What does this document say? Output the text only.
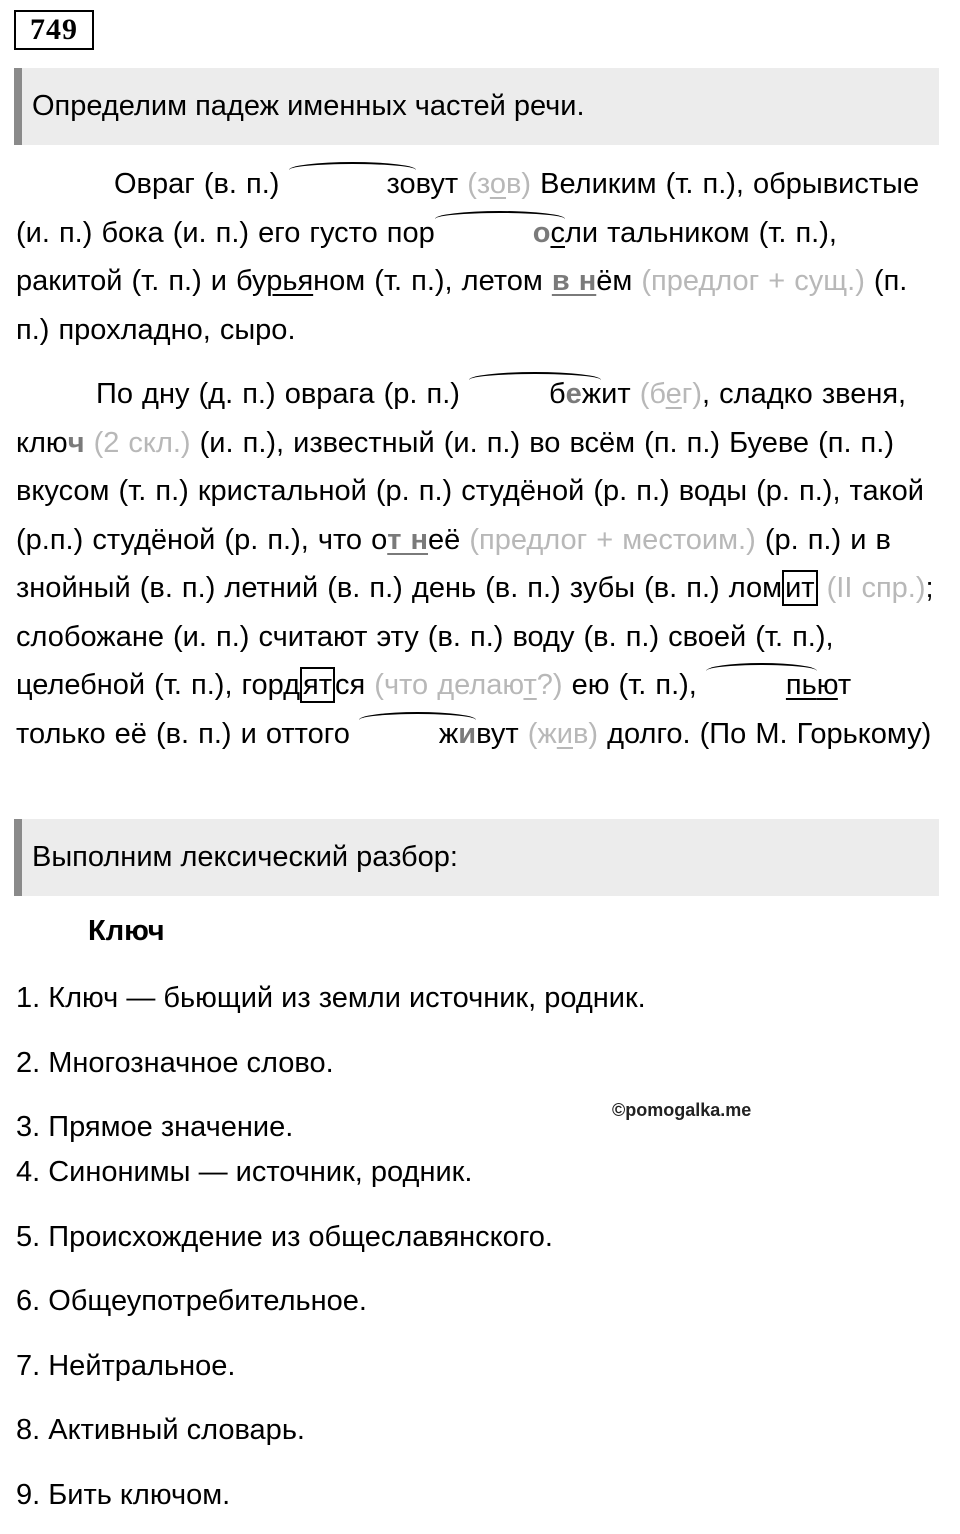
749
Определим падеж именных частей речи.

Овраг (в. п.)	зовут (зов) Великим (т. п.), обрывистые (и. п.) бока (и. п.) его густо пор	осли тальником (т. п.), ракитой (т. п.) и бурьяном (т. п.), летом в нём (предлог + сущ.) (п. п.) прохладно, сыро.

По дну (д. п.) оврага (р. п.)	бежит (бег), сладко звеня, ключ (2 скл.) (и. п.), известный (и. п.) во всём (п. п.) Буеве (п. п.) вкусом (т. п.) кристальной (р. п.) студёной (р. п.) воды (р. п.), такой (р.п.) студёной (р. п.), что от неё (предлог + местоим.) (р. п.) и в знойный (в. п.) летний (в. п.) день (в. п.) зубы (в. п.) лом ит (II спр.); слобожане (и. п.) считают эту (в. п.) воду (в. п.) своей (т. п.), целебной (т. п.), горд ят ся (что делают?) ею (т. п.),	пьют только её (в. п.) и оттого	живут (жив) долго. (По М. Горькому)

Выполним лексический разбор:

Ключ

1. Ключ — бьющий из земли источник, родник.

2. Многозначное слово.

3. Прямое значение.

4. Синонимы — источник, родник.

5. Происхождение из общеславянского.

6. Общеупотребительное.

7. Нейтральное.

8. Активный словарь.

9. Бить ключом.

©pomogalka.me
